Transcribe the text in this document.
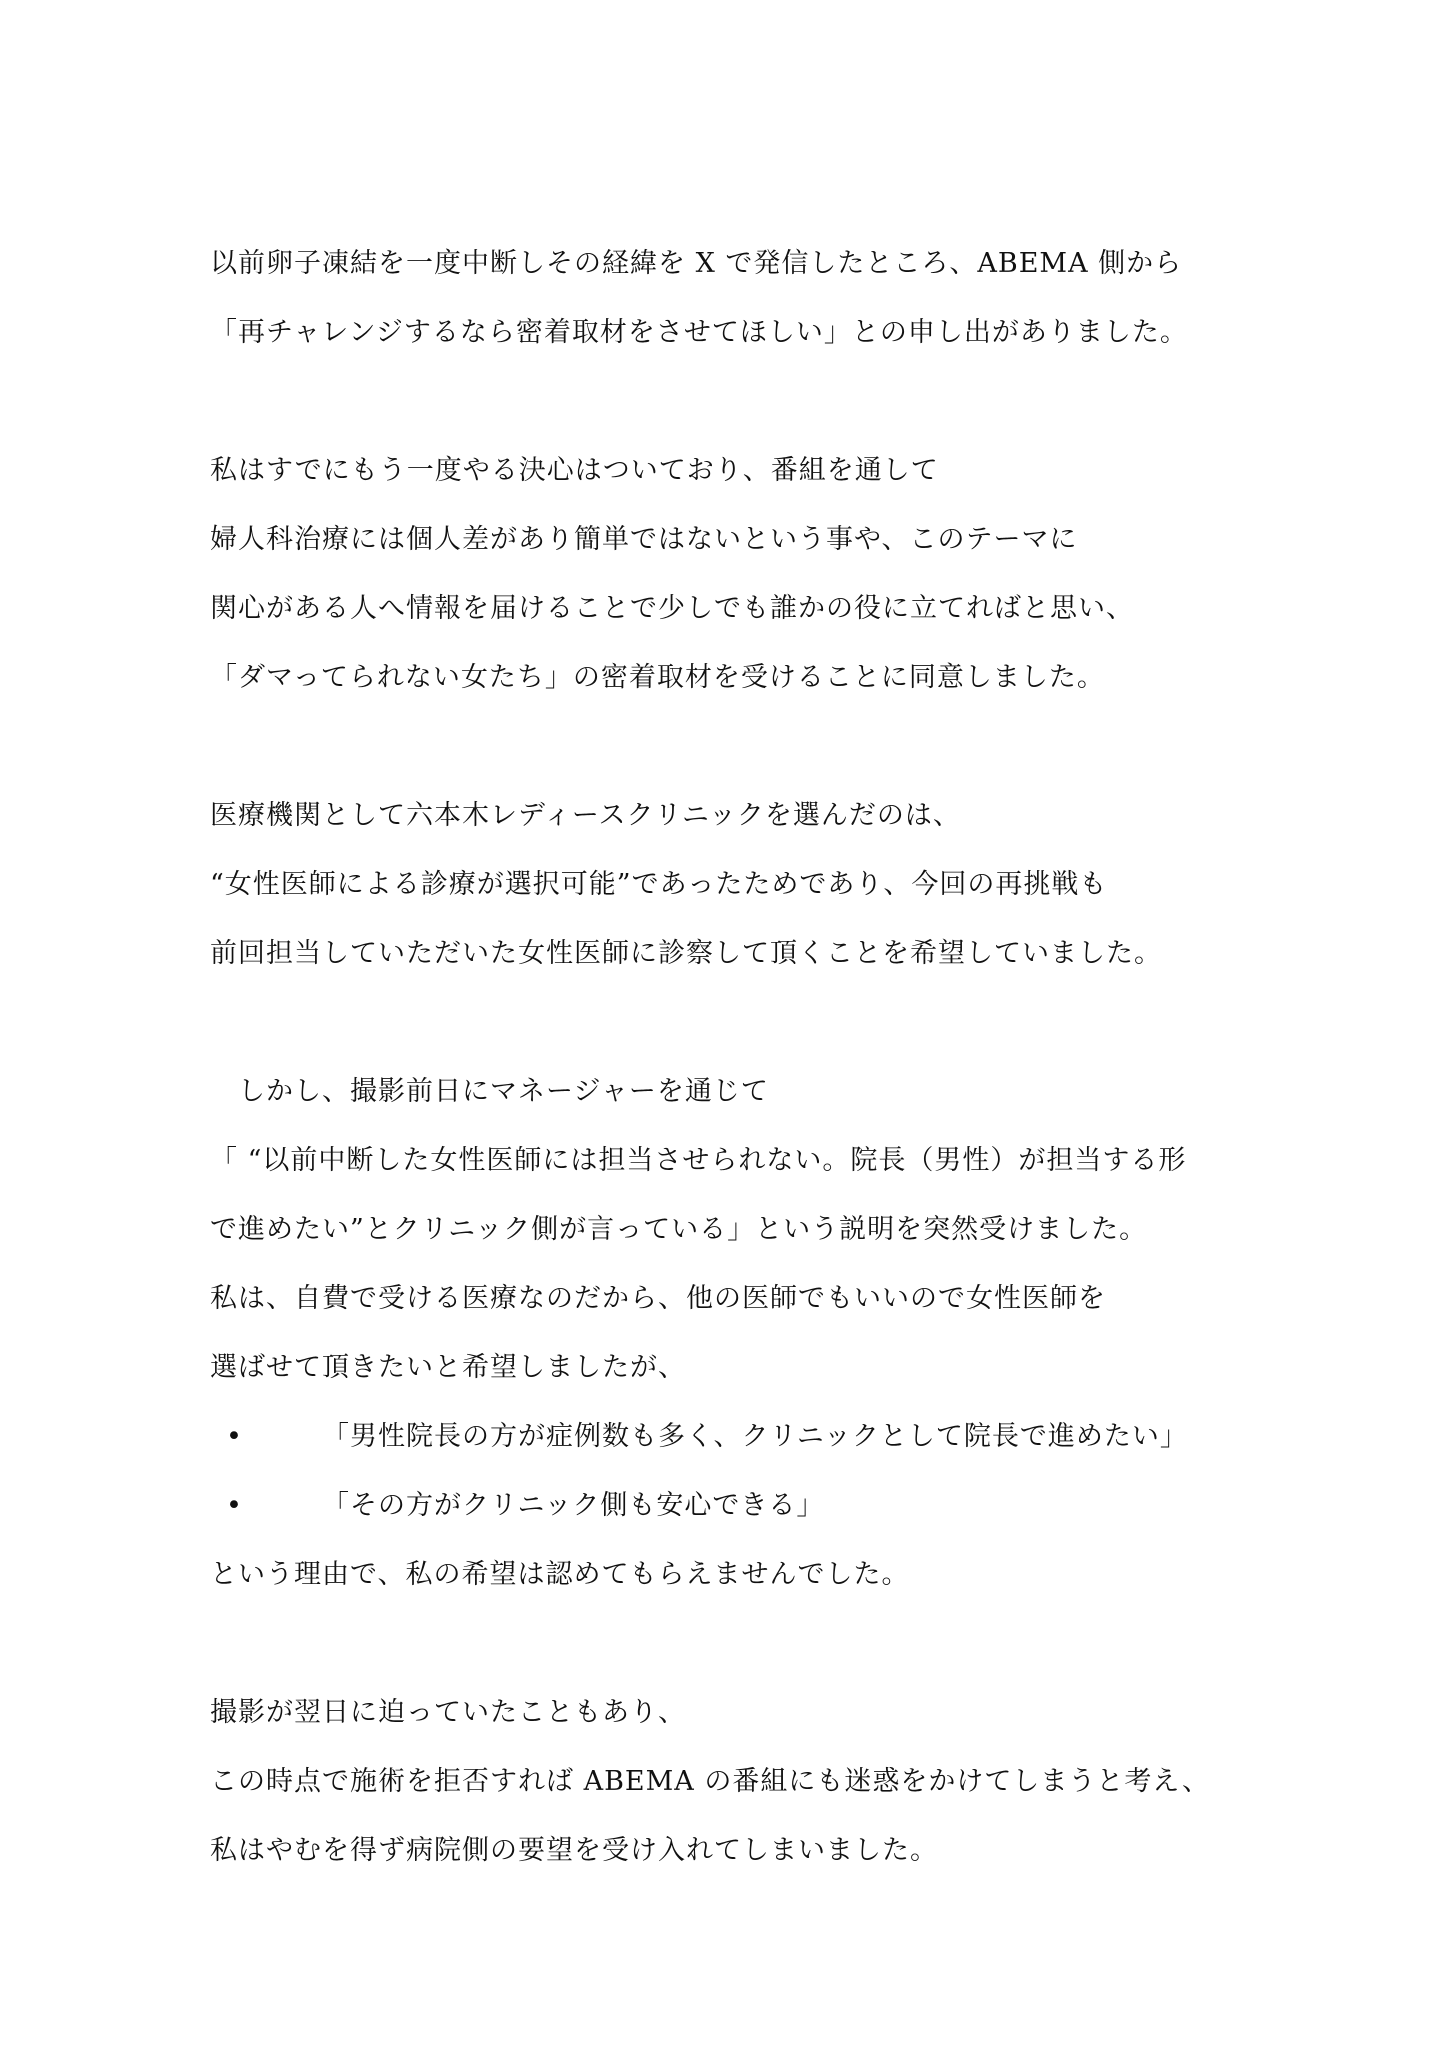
以前卵子凍結を一度中断しその経緯を X で発信したところ、ABEMA 側から
「再チャレンジするなら密着取材をさせてほしい」との申し出がありました。
私はすでにもう一度やる決心はついており、番組を通して
婦人科治療には個人差があり簡単ではないという事や、このテーマに
関心がある人へ情報を届けることで少しでも誰かの役に立てればと思い、
「ダマってられない女たち」の密着取材を受けることに同意しました。
医療機関として六本木レディースクリニックを選んだのは、
“女性医師による診療が選択可能”であったためであり、今回の再挑戦も
前回担当していただいた女性医師に診察して頂くことを希望していました。
　しかし、撮影前日にマネージャーを通じて
「 “以前中断した女性医師には担当させられない。院長（男性）が担当する形
で進めたい”とクリニック側が言っている」という説明を突然受けました。
私は、自費で受ける医療なのだから、他の医師でもいいので女性医師を
選ばせて頂きたいと希望しましたが、
•	「男性院長の方が症例数も多く、クリニックとして院長で進めたい」
•	「その方がクリニック側も安心できる」
という理由で、私の希望は認めてもらえませんでした。
撮影が翌日に迫っていたこともあり、
この時点で施術を拒否すれば ABEMA の番組にも迷惑をかけてしまうと考え、
私はやむを得ず病院側の要望を受け入れてしまいました。
